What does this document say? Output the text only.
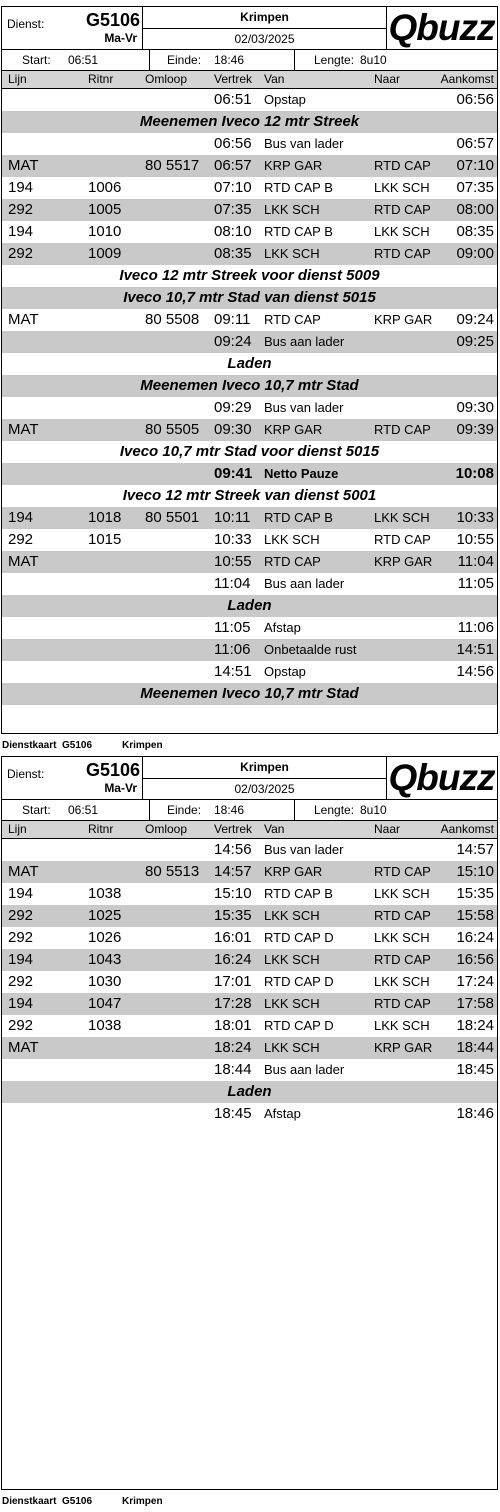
Dienst:	G5106
Ma-Vr
Krimpen
02/03/2025	Qbuzz
Start: 06:51	Einde: 18:46	Lengte: 8u10
Lijn	Ritnr	Omloop Vertrek Van	Naar	Aankomst
06:51 Opstap	06:56
Meenemen Iveco 12 mtr Streek
06:56 Bus van lader	06:57
MAT	80 5517 06:57 KRP GAR	RTD CAP 07:10
194	1006	07:10 RTD CAP B	LKK SCH 07:35
292	1005	07:35 LKK SCH	RTD CAP 08:00
194	1010	08:10 RTD CAP B	LKK SCH 08:35
292	1009	08:35 LKK SCH	RTD CAP 09:00
Iveco 12 mtr Streek voor dienst 5009
Iveco 10,7 mtr Stad van dienst 5015
MAT	80 5508 09:11 RTD CAP	KRP GAR 09:24
09:24 Bus aan lader	09:25
Laden
Meenemen Iveco 10,7 mtr Stad
09:29 Bus van lader	09:30
MAT	80 5505 09:30 KRP GAR	RTD CAP 09:39
Iveco 10,7 mtr Stad voor dienst 5015
09:41 Netto Pauze	10:08
Iveco 12 mtr Streek van dienst 5001
194	1018 80 5501 10:11 RTD CAP B	LKK SCH 10:33
292	1015	10:33 LKK SCH	RTD CAP 10:55
MAT	10:55 RTD CAP	KRP GAR 11:04
11:04 Bus aan lader	11:05
Laden
11:05 Afstap	11:06
11:06 Onbetaalde rust	14:51
14:51 Opstap	14:56
Meenemen Iveco 10,7 mtr Stad
Dienstkaart G5106	Krimpen
Dienst:	G5106
Ma-Vr
Krimpen
02/03/2025	Qbuzz
Start: 06:51	Einde: 18:46	Lengte: 8u10
Lijn	Ritnr	Omloop Vertrek Van	Naar	Aankomst
14:56 Bus van lader	14:57
MAT	80 5513 14:57 KRP GAR	RTD CAP 15:10
194	1038	15:10 RTD CAP B	LKK SCH 15:35
292	1025	15:35 LKK SCH	RTD CAP 15:58
292	1026	16:01 RTD CAP D	LKK SCH 16:24
194	1043	16:24 LKK SCH	RTD CAP 16:56
292	1030	17:01 RTD CAP D	LKK SCH 17:24
194	1047	17:28 LKK SCH	RTD CAP 17:58
292	1038	18:01 RTD CAP D	LKK SCH 18:24
MAT	18:24 LKK SCH	KRP GAR 18:44
18:44 Bus aan lader	18:45
Laden
18:45 Afstap	18:46
Dienstkaart G5106	Krimpen
